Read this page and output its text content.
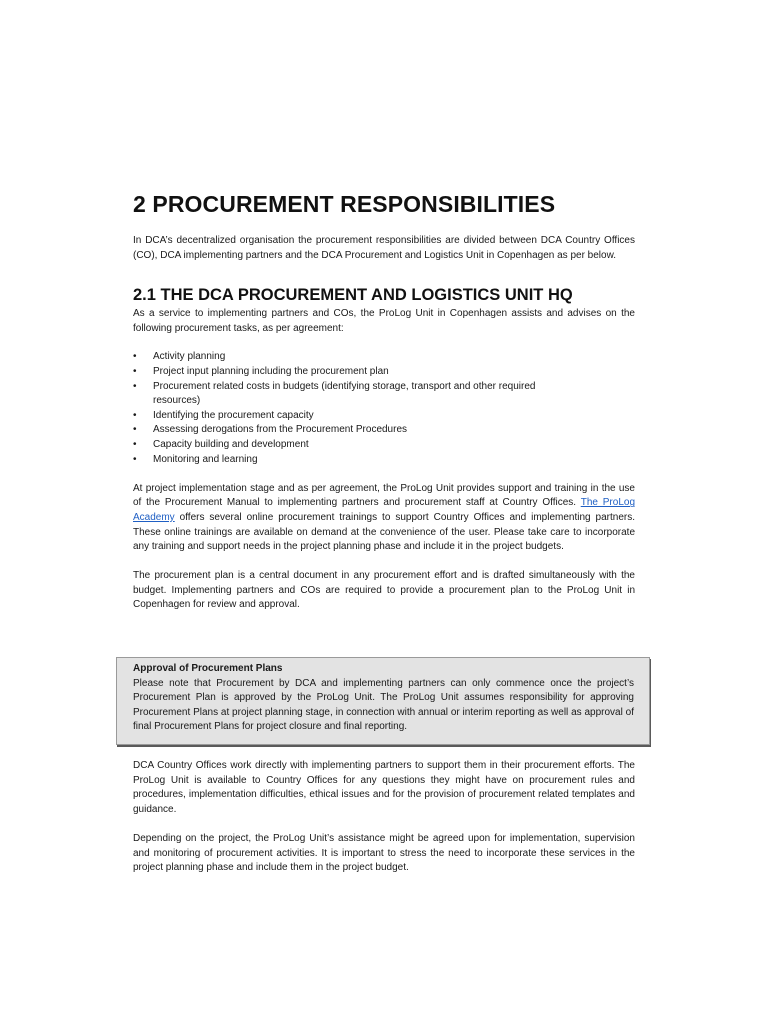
2 PROCUREMENT RESPONSIBILITIES

In DCA’s decentralized organisation the procurement responsibilities are divided between DCA Country Offices (CO), DCA implementing partners and the DCA Procurement and Logistics Unit in Copenhagen as per below.

2.1 THE DCA PROCUREMENT AND LOGISTICS UNIT HQ

As a service to implementing partners and COs, the ProLog Unit in Copenhagen assists and advises on the following procurement tasks, as per agreement:

• Activity planning
• Project input planning including the procurement plan
• Procurement related costs in budgets (identifying storage, transport and other required resources)
• Identifying the procurement capacity
• Assessing derogations from the Procurement Procedures
• Capacity building and development
• Monitoring and learning

At project implementation stage and as per agreement, the ProLog Unit provides support and training in the use of the Procurement Manual to implementing partners and procurement staff at Country Offices. The ProLog Academy offers several online procurement trainings to support Country Offices and implementing partners. These online trainings are available on demand at the convenience of the user. Please take care to incorporate any training and support needs in the project planning phase and include it in the project budgets.

The procurement plan is a central document in any procurement effort and is drafted simultaneously with the budget. Implementing partners and COs are required to provide a procurement plan to the ProLog Unit in Copenhagen for review and approval.

Approval of Procurement Plans

Please note that Procurement by DCA and implementing partners can only commence once the project’s Procurement Plan is approved by the ProLog Unit. The ProLog Unit assumes responsibility for approving Procurement Plans at project planning stage, in connection with annual or interim reporting as well as approval of final Procurement Plans for project closure and final reporting.

DCA Country Offices work directly with implementing partners to support them in their procurement efforts. The ProLog Unit is available to Country Offices for any questions they might have on procurement rules and procedures, implementation difficulties, ethical issues and for the provision of procurement related templates and guidance.

Depending on the project, the ProLog Unit’s assistance might be agreed upon for implementation, supervision and monitoring of procurement activities. It is important to stress the need to incorporate these services in the project planning phase and include them in the project budget.
